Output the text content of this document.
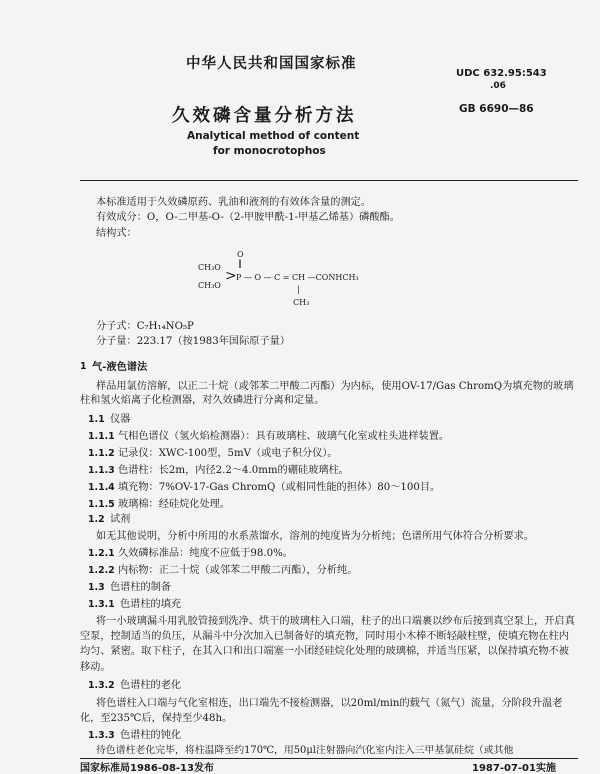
中华人民共和国国家标准
UDC 632.95:543
.06
久效磷含量分析方法	GB 6690—86
Analytical method of content
for monocrotophos
本标准适用于久效磷原药、乳油和液剂的有效体含量的测定。
有效成分：O，O-二甲基-O-（2-甲胺甲酰-1-甲基乙烯基）磷酸酯。
结构式：
O
‖
CH₃O
CH₃O
> P — O — C = CH —CONHCH₃
|
CH₃
分子式：C₇H₁₄NO₅P
分子量：223.17（按1983年国际原子量）
1 气-液色谱法
样品用氯仿溶解，以正二十烷（或邻苯二甲酸二丙酯）为内标，使用OV-17/Gas ChromQ为填充物的玻璃柱和氢火焰离子化检测器，对久效磷进行分离和定量。
1.1 仪器
1.1.1 气相色谱仪（氢火焰检测器）：具有玻璃柱、玻璃气化室或柱头进样装置。
1.1.2 记录仪：XWC-100型，5mV（或电子积分仪）。
1.1.3 色谱柱：长2m，内径2.2～4.0mm的硼硅玻璃柱。
1.1.4 填充物：7%OV-17-Gas ChromQ（或相同性能的担体）80～100目。
1.1.5 玻璃棉：经硅烷化处理。
1.2 试剂
如无其他说明，分析中所用的水系蒸馏水，溶剂的纯度皆为分析纯；色谱所用气体符合分析要求。
1.2.1 久效磷标准品：纯度不应低于98.0%。
1.2.2 内标物：正二十烷（或邻苯二甲酸二丙酯），分析纯。
1.3 色谱柱的制备
1.3.1 色谱柱的填充
将一小玻璃漏斗用乳胶管接到洗净、烘干的玻璃柱入口端，柱子的出口端裹以纱布后接到真空泵上，开启真空泵，控制适当的负压，从漏斗中分次加入已制备好的填充物，同时用小木棒不断轻敲柱壁，使填充物在柱内均匀、紧密。取下柱子，在其入口和出口端塞一小团经硅烷化处理的玻璃棉，并适当压紧，以保持填充物不被移动。
1.3.2 色谱柱的老化
将色谱柱入口端与气化室相连，出口端先不接检测器，以20ml/min的载气（氮气）流量，分阶段升温老化，至235℃后，保持至少48h。
1.3.3 色谱柱的钝化
待色谱柱老化完毕，将柱温降至约170℃，用50μl注射器向汽化室内注入三甲基氯硅烷（或其他
国家标准局1986-08-13发布	1987-07-01实施
